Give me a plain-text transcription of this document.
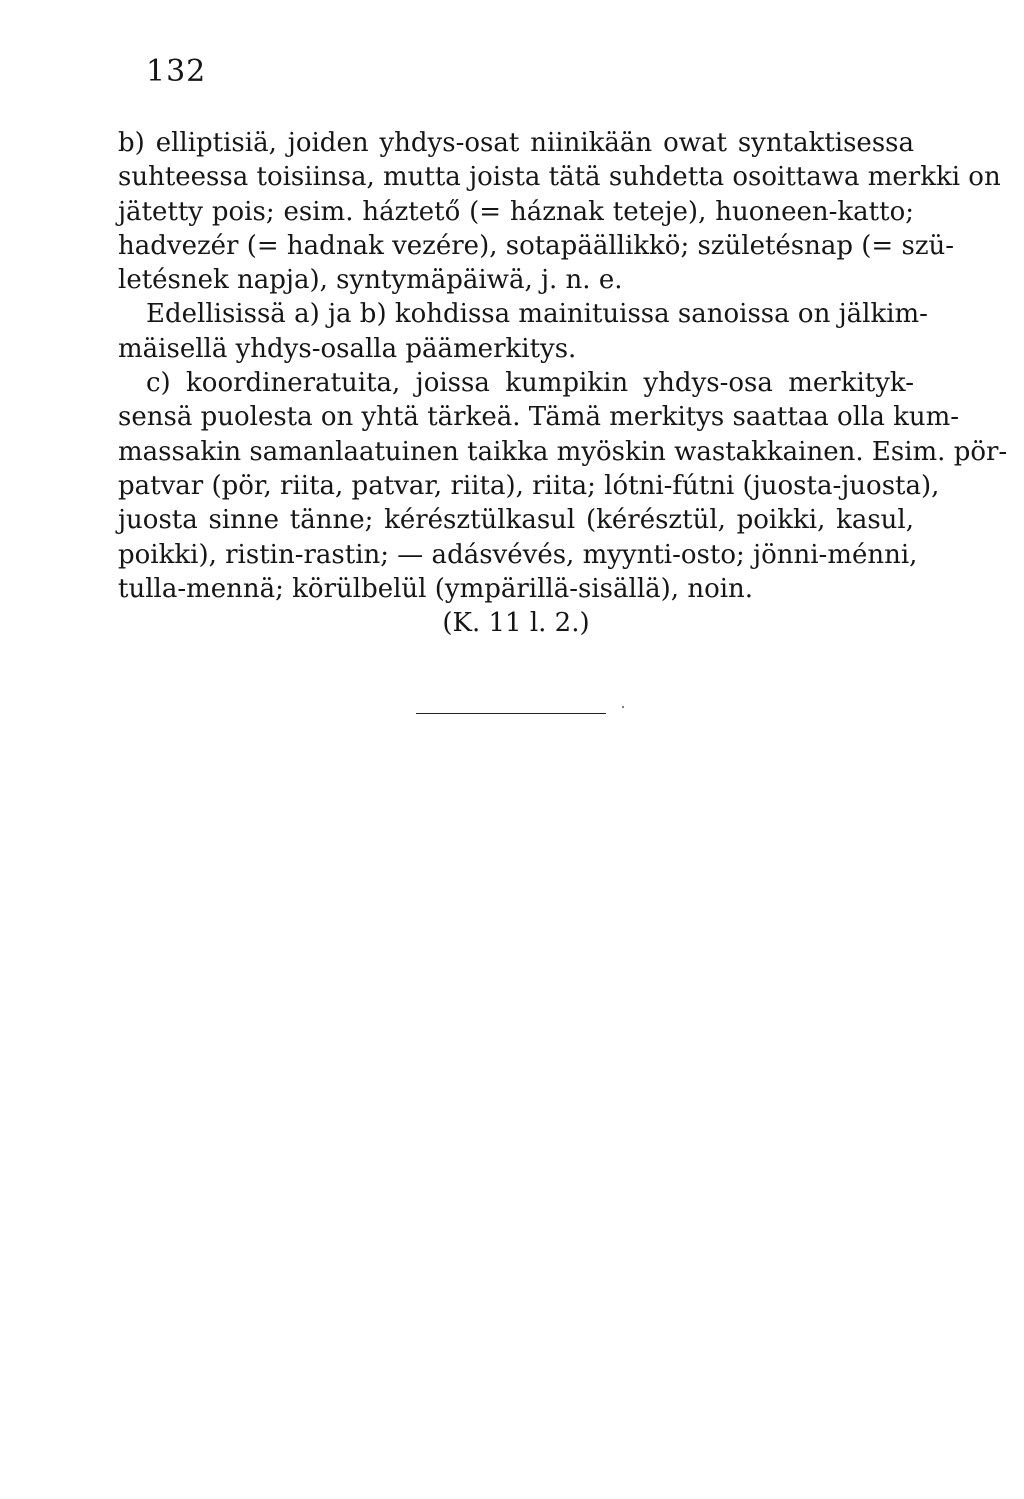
132
b) elliptisiä, joiden yhdys-osat niinikään owat syntaktisessa
suhteessa toisiinsa, mutta joista tätä suhdetta osoittawa merkki on
jätetty pois; esim. háztető (= háznak teteje), huoneen-katto;
hadvezér (= hadnak vezére), sotapäällikkö; születésnap (= szü-
letésnek napja), syntymäpäiwä, j. n. e.
Edellisissä a) ja b) kohdissa mainituissa sanoissa on jälkim-
mäisellä yhdys-osalla päämerkitys.
c) koordineratuita, joissa kumpikin yhdys-osa merkityk-
sensä puolesta on yhtä tärkeä. Tämä merkitys saattaa olla kum-
massakin samanlaatuinen taikka myöskin wastakkainen. Esim. pör-
patvar (pör, riita, patvar, riita), riita; lótni-fútni (juosta-juosta),
juosta sinne tänne; kérésztülkasul (kérésztül, poikki, kasul,
poikki), ristin-rastin; — adásvévés, myynti-osto; jönni-ménni,
tulla-mennä; körülbelül (ympärillä-sisällä), noin.
(K. 11 l. 2.)
